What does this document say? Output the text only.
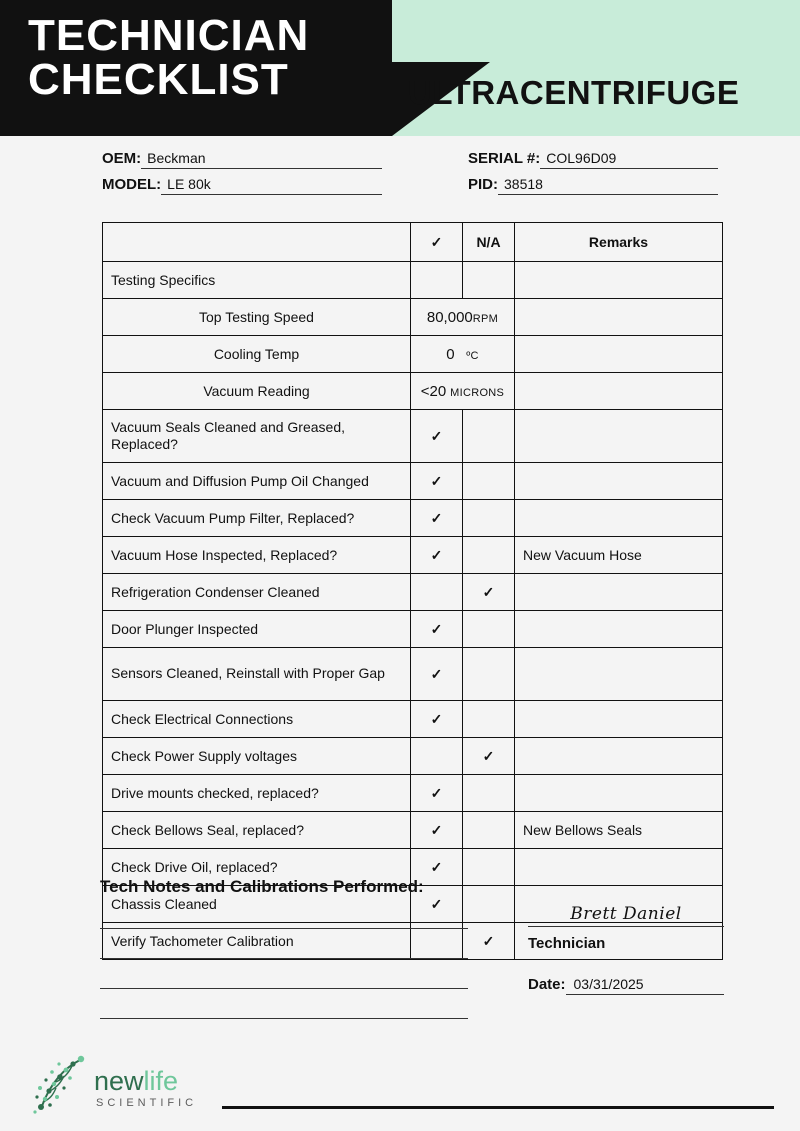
TECHNICIAN
CHECKLIST	ULTRACENTRIFUGE
OEM: Beckman
MODEL: LE 80k
SERIAL #: COL96D09
PID: 38518
	✓	N/A	Remarks
Testing Specifics			
Top Testing Speed	80,000RPM		
Cooling Temp	0 ºC		
Vacuum Reading	<20 MICRONS		
Vacuum Seals Cleaned and Greased, Replaced?	✓		
Vacuum and Diffusion Pump Oil Changed	✓		
Check Vacuum Pump Filter, Replaced?	✓		
Vacuum Hose Inspected, Replaced?	✓		New Vacuum Hose
Refrigeration Condenser Cleaned		✓	
Door Plunger Inspected	✓		
Sensors Cleaned, Reinstall with Proper Gap	✓		
Check Electrical Connections	✓		
Check Power Supply voltages		✓	
Drive mounts checked, replaced?	✓		
Check Bellows Seal, replaced?	✓		New Bellows Seals
Check Drive Oil, replaced?	✓		
Chassis Cleaned	✓		
Verify Tachometer Calibration		✓	
Tech Notes and Calibrations Performed:
Brett Daniel
Technician
Date: 03/31/2025
newlife
SCIENTIFIC
